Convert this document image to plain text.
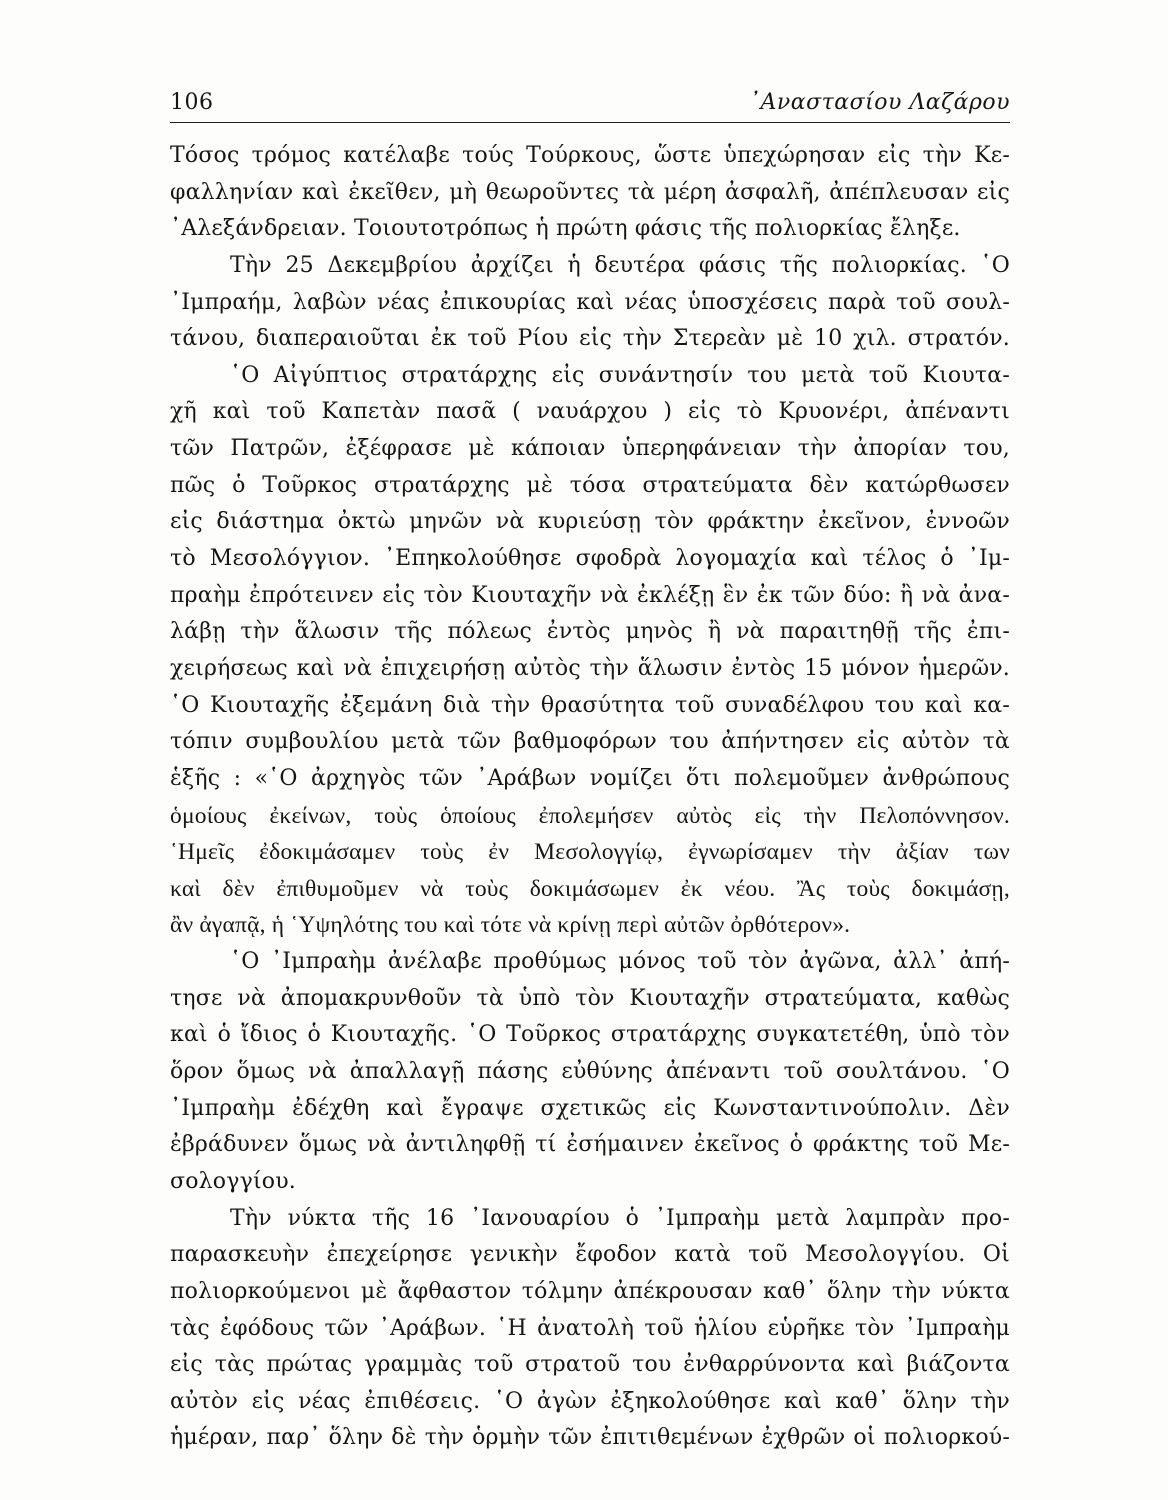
106	᾿Αναστασίου Λαζάρου
Τόσος τρόμος κατέλαβε τούς Τούρκους, ὥστε ὑπεχώρησαν εἰς τὴν Κε-
φαλληνίαν καὶ ἐκεῖθεν, μὴ θεωροῦντες τὰ μέρη ἀσφαλῆ, ἀπέπλευσαν εἰς
᾿Αλεξάνδρειαν. Τοιουτοτρόπως ἡ πρώτη φάσις τῆς πολιορκίας ἔληξε.
Τὴν 25 Δεκεμβρίου ἀρχίζει ἡ δευτέρα φάσις τῆς πολιορκίας. ῾Ο
᾿Ιμπραήμ, λαβὼν νέας ἐπικουρίας καὶ νέας ὑποσχέσεις παρὰ τοῦ σουλ-
τάνου, διαπεραιοῦται ἐκ τοῦ Ρίου εἰς τὴν Στερεὰν μὲ 10 χιλ. στρατόν.
῾Ο Αἰγύπτιος στρατάρχης εἰς συνάντησίν του μετὰ τοῦ Κιουτα-
χῆ καὶ τοῦ Καπετὰν πασᾶ ( ναυάρχου ) εἰς τὸ Κρυονέρι, ἀπέναντι
τῶν Πατρῶν, ἐξέφρασε μὲ κάποιαν ὑπερηφάνειαν τὴν ἀπορίαν του,
πῶς ὁ Τοῦρκος στρατάρχης μὲ τόσα στρατεύματα δὲν κατώρθωσεν
εἰς διάστημα ὀκτὼ μηνῶν νὰ κυριεύσῃ τὸν φράκτην ἐκεῖνον, ἐννοῶν
τὸ Μεσολόγγιον. ᾿Επηκολούθησε σφοδρὰ λογομαχία καὶ τέλος ὁ ᾿Ιμ-
πραὴμ ἐπρότεινεν εἰς τὸν Κιουταχῆν νὰ ἐκλέξῃ ἓν ἐκ τῶν δύο: ἢ νὰ ἀνα-
λάβῃ τὴν ἅλωσιν τῆς πόλεως ἐντὸς μηνὸς ἢ νὰ παραιτηθῇ τῆς ἐπι-
χειρήσεως καὶ νὰ ἐπιχειρήσῃ αὐτὸς τὴν ἅλωσιν ἐντὸς 15 μόνον ἡμερῶν.
῾Ο Κιουταχῆς ἐξεμάνη διὰ τὴν θρασύτητα τοῦ συναδέλφου του καὶ κα-
τόπιν συμβουλίου μετὰ τῶν βαθμοφόρων του ἀπήντησεν εἰς αὐτὸν τὰ
ἑξῆς : «῾Ο ἀρχηγὸς τῶν ᾿Αράβων νομίζει ὅτι πολεμοῦμεν ἀνθρώπους
ὁμοίους ἐκείνων, τοὺς ὁποίους ἐπολεμήσεν αὐτὸς εἰς τὴν Πελοπόννησον.
῾Ημεῖς ἐδοκιμάσαμεν τοὺς ἐν Μεσολογγίῳ, ἐγνωρίσαμεν τὴν ἀξίαν των
καὶ δὲν ἐπιθυμοῦμεν νὰ τοὺς δοκιμάσωμεν ἐκ νέου. Ἂς τοὺς δοκιμάσῃ,
ἂν ἀγαπᾷ, ἡ ῾Υψηλότης του καὶ τότε νὰ κρίνῃ περὶ αὐτῶν ὀρθότερον».
῾Ο ᾿Ιμπραὴμ ἀνέλαβε προθύμως μόνος τοῦ τὸν ἀγῶνα, ἀλλ᾿ ἀπή-
τησε νὰ ἀπομακρυνθοῦν τὰ ὑπὸ τὸν Κιουταχῆν στρατεύματα, καθὼς
καὶ ὁ ἴδιος ὁ Κιουταχῆς. ῾Ο Τοῦρκος στρατάρχης συγκατετέθη, ὑπὸ τὸν
ὅρον ὅμως νὰ ἀπαλλαγῇ πάσης εὐθύνης ἀπέναντι τοῦ σουλτάνου. ῾Ο
᾿Ιμπραὴμ ἐδέχθη καὶ ἔγραψε σχετικῶς εἰς Κωνσταντινούπολιν. Δὲν
ἐβράδυνεν ὅμως νὰ ἀντιληφθῇ τί ἐσήμαινεν ἐκεῖνος ὁ φράκτης τοῦ Με-
σολογγίου.
Τὴν νύκτα τῆς 16 ᾿Ιανουαρίου ὁ ᾿Ιμπραὴμ μετὰ λαμπρὰν προ-
παρασκευὴν ἐπεχείρησε γενικὴν ἔφοδον κατὰ τοῦ Μεσολογγίου. Οἱ
πολιορκούμενοι μὲ ἄφθαστον τόλμην ἀπέκρουσαν καθ᾿ ὅλην τὴν νύκτα
τὰς ἐφόδους τῶν ᾿Αράβων. ῾Η ἀνατολὴ τοῦ ἡλίου εὑρῆκε τὸν ᾿Ιμπραὴμ
εἰς τὰς πρώτας γραμμὰς τοῦ στρατοῦ του ἐνθαρρύνοντα καὶ βιάζοντα
αὐτὸν εἰς νέας ἐπιθέσεις. ῾Ο ἀγὼν ἐξηκολούθησε καὶ καθ᾿ ὅλην τὴν
ἡμέραν, παρ᾿ ὅλην δὲ τὴν ὁρμὴν τῶν ἐπιτιθεμένων ἐχθρῶν οἱ πολιορκού-
